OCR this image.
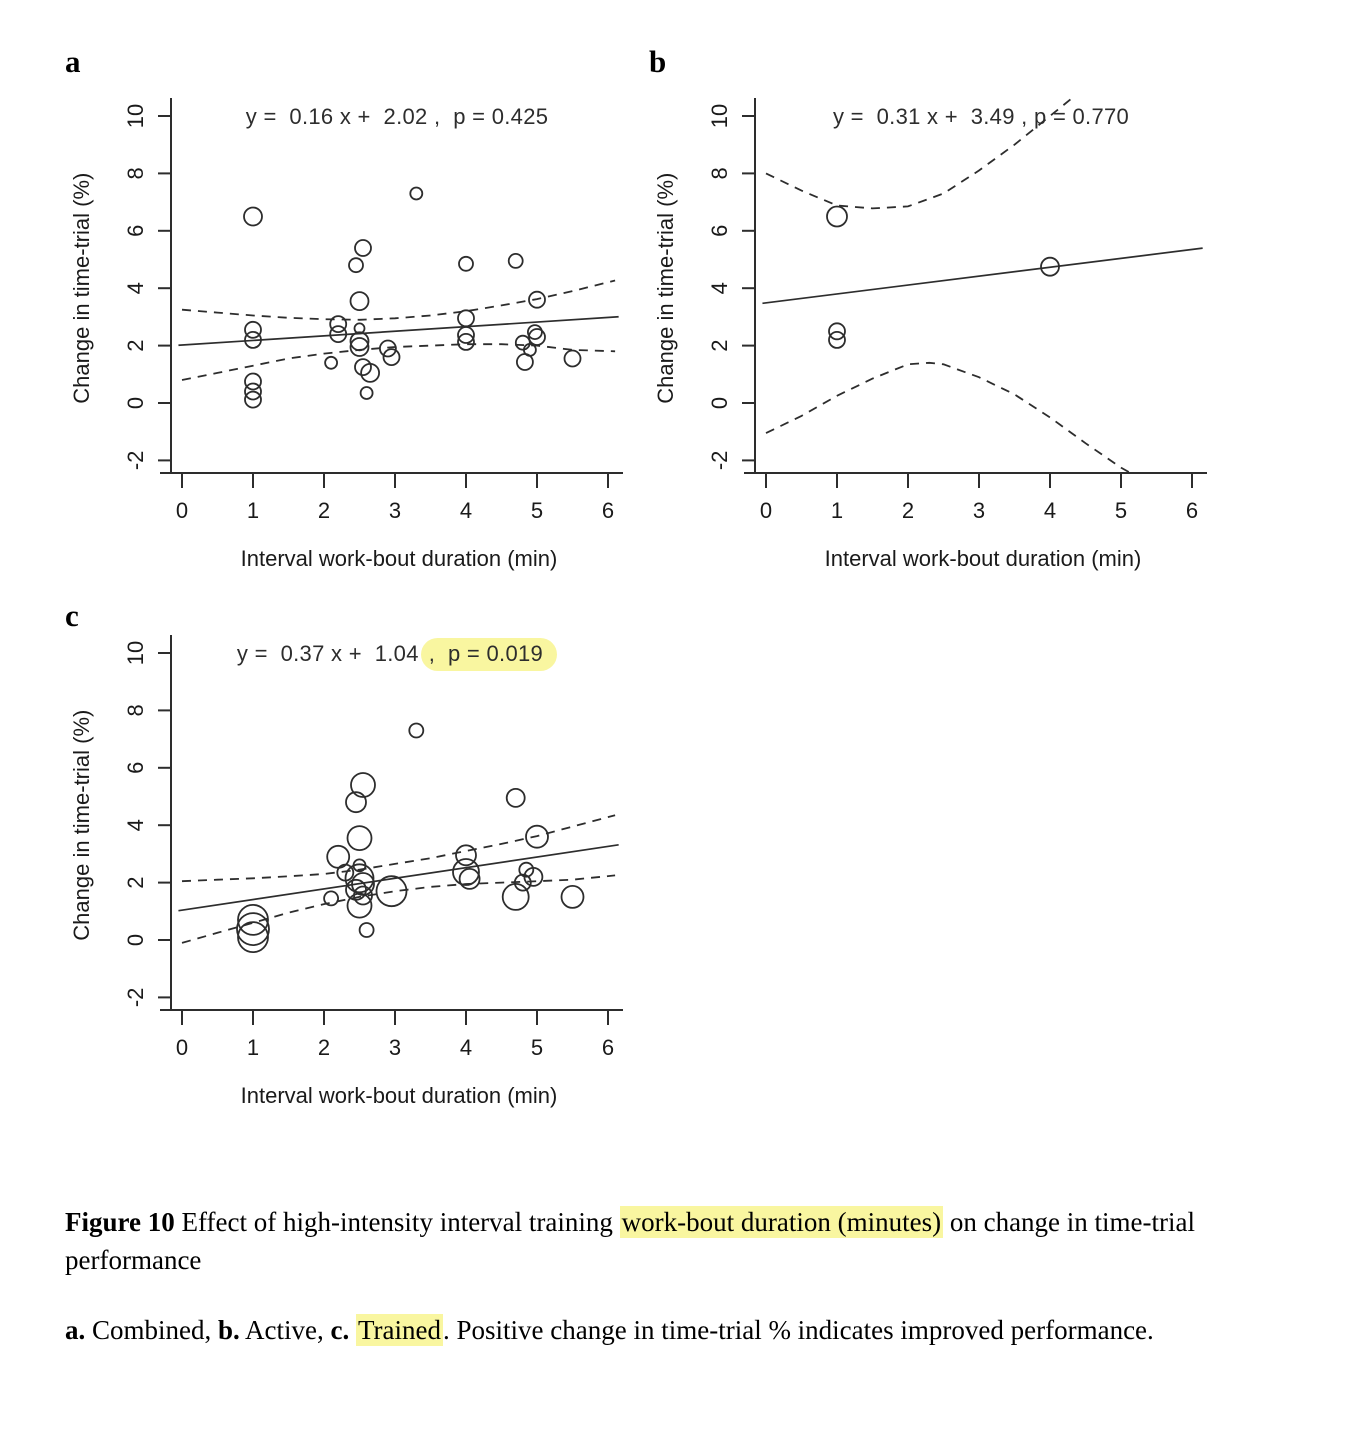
a
y =  0.16 x +  2.02 ,  p = 0.425
0	1	2	3	4	5	6
10
8
6
4
2
0
-2
Change in time-trial (%)
Interval work-bout duration (min)
b
y =  0.31 x +  3.49 , p = 0.770
0	1	2	3	4	5	6
10
8
6
4
2
0
-2
Change in time-trial (%)
Interval work-bout duration (min)
c
y =  0.37 x +  1.04 ,  p = 0.019
0	1	2	3	4	5	6
10
8
6
4
2
0
-2
Change in time-trial (%)
Interval work-bout duration (min)

Figure 10 Effect of high-intensity interval training work-bout duration (minutes) on change in time-trial performance

a. Combined, b. Active, c. Trained. Positive change in time-trial % indicates improved performance.
